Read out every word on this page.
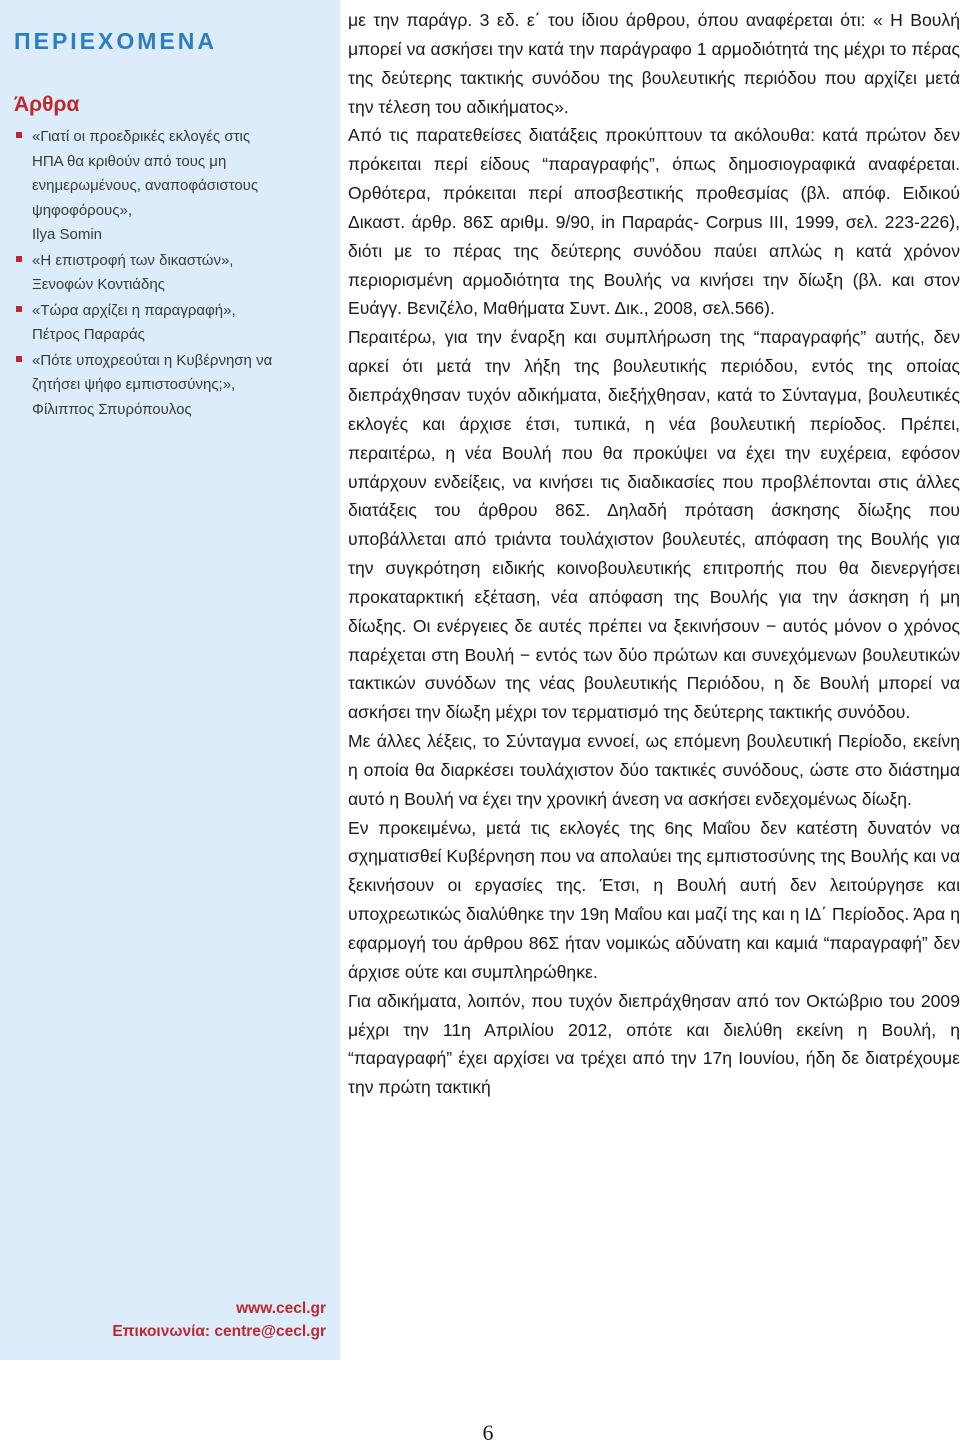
ΠΕΡΙΕΧΟΜΕΝΑ
Άρθρα
«Γιατί οι προεδρικές εκλογές στις
ΗΠΑ θα κριθούν από τους μη
ενημερωμένους, αναποφάσιστους
ψηφοφόρους»,
Ilya Somin
«Η επιστροφή των δικαστών»,
Ξενοφών Κοντιάδης
«Τώρα αρχίζει η παραγραφή»,
Πέτρος Παραράς
«Πότε υποχρεούται η Κυβέρνηση να
ζητήσει ψήφο εμπιστοσύνης;»,
Φίλιππος Σπυρόπουλος
www.cecl.gr
Επικοινωνία: centre@cecl.gr

με την παράγρ. 3 εδ. ε΄ του ίδιου άρθρου, όπου αναφέρεται ότι: « Η Βουλή μπορεί να ασκήσει την κατά την παράγραφο 1 αρμοδιότητά της μέχρι το πέρας της δεύτερης τακτικής συνόδου της βουλευτικής περιόδου που αρχίζει μετά την τέλεση του αδικήματος».

Από τις παρατεθείσες διατάξεις προκύπτουν τα ακόλουθα: κατά πρώτον δεν πρόκειται περί είδους “παραγραφής”, όπως δημοσιογραφικά αναφέρεται. Ορθότερα, πρόκειται περί αποσβεστικής προθεσμίας (βλ. απόφ. Ειδικού Δικαστ. άρθρ. 86Σ αριθμ. 9/90, in Παραράς- Corpus III, 1999, σελ. 223-226), διότι με το πέρας της δεύτερης συνόδου παύει απλώς η κατά χρόνον περιορισμένη αρμοδιότητα της Βουλής να κινήσει την δίωξη (βλ. και στον Ευάγγ. Βενιζέλο, Μαθήματα Συντ. Δικ., 2008, σελ.566).

Περαιτέρω, για την έναρξη και συμπλήρωση της “παραγραφής” αυτής, δεν αρκεί ότι μετά την λήξη της βουλευτικής περιόδου, εντός της οποίας διεπράχθησαν τυχόν αδικήματα, διεξήχθησαν, κατά το Σύνταγμα, βουλευτικές εκλογές και άρχισε έτσι, τυπικά, η νέα βουλευτική περίοδος. Πρέπει, περαιτέρω, η νέα Βουλή που θα προκύψει να έχει την ευχέρεια, εφόσον υπάρχουν ενδείξεις, να κινήσει τις διαδικασίες που προβλέπονται στις άλλες διατάξεις του άρθρου 86Σ. Δηλαδή πρόταση άσκησης δίωξης που υποβάλλεται από τριάντα τουλάχιστον βουλευτές, απόφαση της Βουλής για την συγκρότηση ειδικής κοινοβουλευτικής επιτροπής που θα διενεργήσει προκαταρκτική εξέταση, νέα απόφαση της Βουλής για την άσκηση ή μη δίωξης. Οι ενέργειες δε αυτές πρέπει να ξεκινήσουν − αυτός μόνον ο χρόνος παρέχεται στη Βουλή − εντός των δύο πρώτων και συνεχόμενων βουλευτικών τακτικών συνόδων της νέας βουλευτικής Περιόδου, η δε Βουλή μπορεί να ασκήσει την δίωξη μέχρι τον τερματισμό της δεύτερης τακτικής συνόδου.

Με άλλες λέξεις, το Σύνταγμα εννοεί, ως επόμενη βουλευτική Περίοδο, εκείνη η οποία θα διαρκέσει τουλάχιστον δύο τακτικές συνόδους, ώστε στο διάστημα αυτό η Βουλή να έχει την χρονική άνεση να ασκήσει ενδεχομένως δίωξη.

Εν προκειμένω, μετά τις εκλογές της 6ης Μαΐου δεν κατέστη δυνατόν να σχηματισθεί Κυβέρνηση που να απολαύει της εμπιστοσύνης της Βουλής και να ξεκινήσουν οι εργασίες της. Έτσι, η Βουλή αυτή δεν λειτούργησε και υποχρεωτικώς διαλύθηκε την 19η Μαΐου και μαζί της και η ΙΔ΄ Περίοδος. Άρα η εφαρμογή του άρθρου 86Σ ήταν νομικώς αδύνατη και καμιά “παραγραφή” δεν άρχισε ούτε και συμπληρώθηκε.

Για αδικήματα, λοιπόν, που τυχόν διεπράχθησαν από τον Οκτώβριο του 2009 μέχρι την 11η Απριλίου 2012, οπότε και διελύθη εκείνη η Βουλή, η “παραγραφή” έχει αρχίσει να τρέχει από την 17η Ιουνίου, ήδη δε διατρέχουμε την πρώτη τακτική

6
